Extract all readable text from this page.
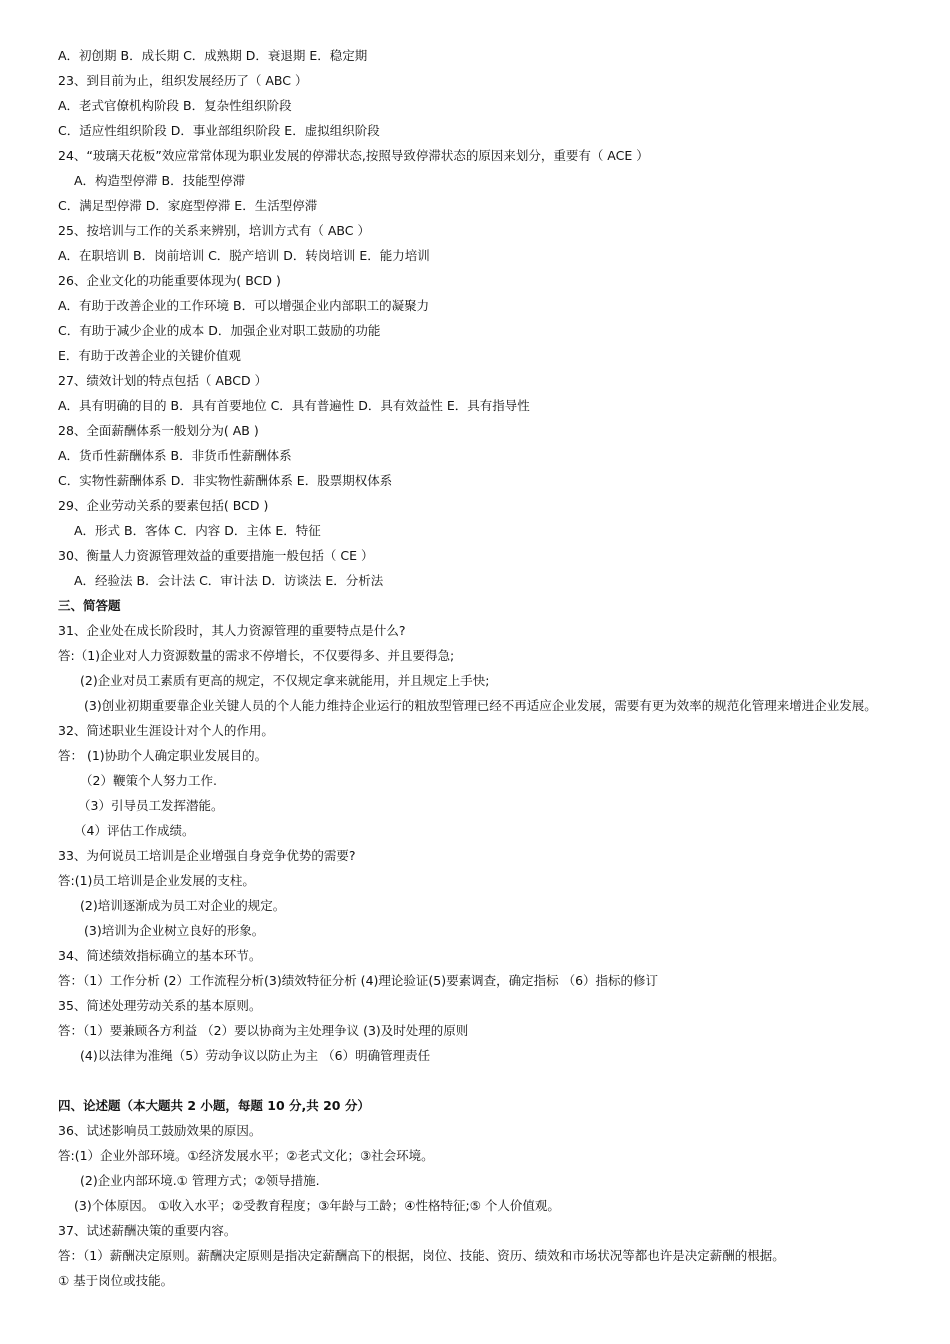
A．初创期 B．成长期 C．成熟期 D．衰退期 E．稳定期
23、到目前为止，组织发展经历了（ ABC ）
A．老式官僚机构阶段 B．复杂性组织阶段
C．适应性组织阶段 D．事业部组织阶段 E．虚拟组织阶段
24、“玻璃天花板”效应常常体现为职业发展的停滞状态,按照导致停滞状态的原因来划分，重要有（ ACE ）
A．构造型停滞 B．技能型停滞
C．满足型停滞 D．家庭型停滞 E．生活型停滞
25、按培训与工作的关系来辨别，培训方式有（ ABC ）
A．在职培训 B．岗前培训 C．脱产培训 D．转岗培训 E．能力培训
26、企业文化的功能重要体现为( BCD )
A．有助于改善企业的工作环境 B．可以增强企业内部职工的凝聚力
C．有助于减少企业的成本 D．加强企业对职工鼓励的功能
E．有助于改善企业的关键价值观
27、绩效计划的特点包括（ ABCD ）
A．具有明确的目的 B．具有首要地位 C．具有普遍性 D．具有效益性 E．具有指导性
28、全面薪酬体系一般划分为( AB )
A．货币性薪酬体系 B．非货币性薪酬体系
C．实物性薪酬体系 D．非实物性薪酬体系 E．股票期权体系
29、企业劳动关系的要素包括( BCD )
A．形式 B．客体 C．内容 D．主体 E．特征
30、衡量人力资源管理效益的重要措施一般包括（ CE ）
A．经验法 B．会计法 C．审计法 D．访谈法 E．分析法
三、简答题
31、企业处在成长阶段时，其人力资源管理的重要特点是什么?
答:（1)企业对人力资源数量的需求不停增长，不仅要得多、并且要得急;
(2)企业对员工素质有更高的规定，不仅规定拿来就能用，并且规定上手快;
(3)创业初期重要靠企业关键人员的个人能力维持企业运行的粗放型管理已经不再适应企业发展，需要有更为效率的规范化管理来增进企业发展。
32、简述职业生涯设计对个人的作用。
答： (1)协助个人确定职业发展目的。
（2）鞭策个人努力工作.
（3）引导员工发挥潜能。
（4）评估工作成绩。
33、为何说员工培训是企业增强自身竞争优势的需要?
答:(1)员工培训是企业发展的支柱。
(2)培训逐渐成为员工对企业的规定。
(3)培训为企业树立良好的形象。
34、简述绩效指标确立的基本环节。
答：（1）工作分析 (2）工作流程分析(3)绩效特征分析 (4)理论验证(5)要素调查，确定指标 （6）指标的修订
35、简述处理劳动关系的基本原则。
答：（1）要兼顾各方利益 （2）要以协商为主处理争议 (3)及时处理的原则
(4)以法律为准绳（5）劳动争议以防止为主 （6）明确管理责任
四、论述题（本大题共 2 小题，每题 10 分,共 20 分）
36、试述影响员工鼓励效果的原因。
答:(1）企业外部环境。①经济发展水平；②老式文化；③社会环境。
(2)企业内部环境.① 管理方式；②领导措施.
(3)个体原因。 ①收入水平；②受教育程度；③年龄与工龄；④性格特征;⑤ 个人价值观。
37、试述薪酬决策的重要内容。
答：（1）薪酬决定原则。薪酬决定原则是指决定薪酬高下的根据，岗位、技能、资历、绩效和市场状况等都也许是决定薪酬的根据。
① 基于岗位或技能。
